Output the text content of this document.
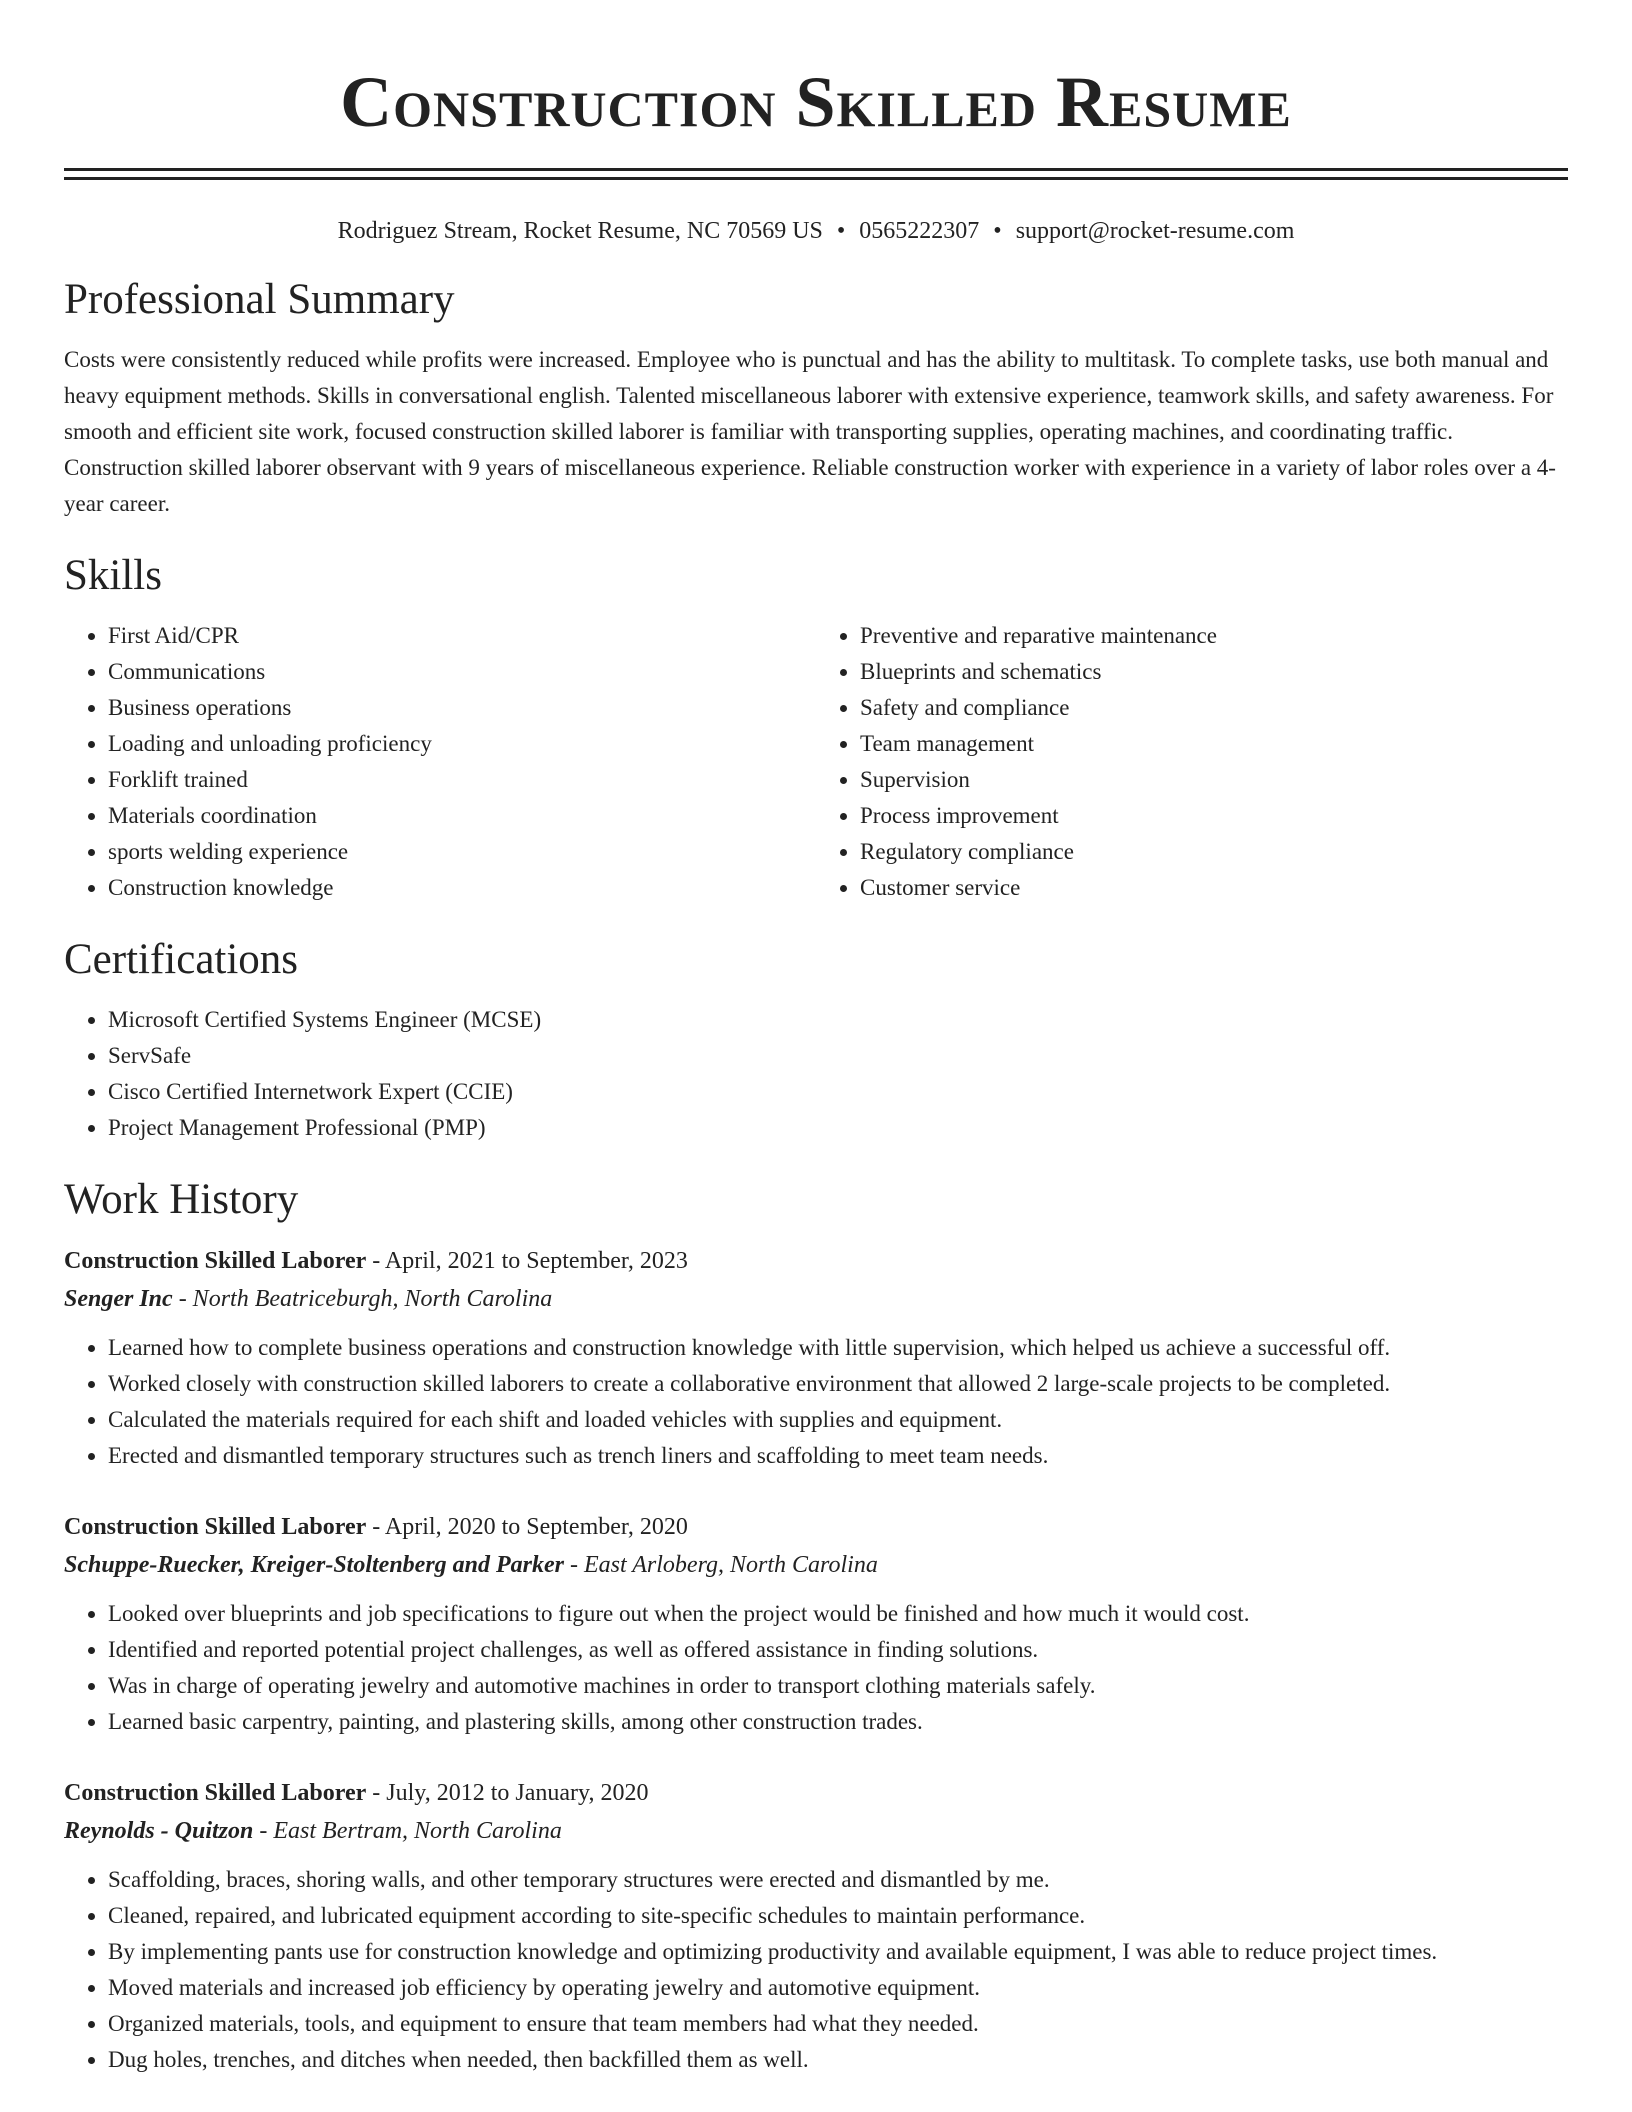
Construction Skilled Resume
Rodriguez Stream, Rocket Resume, NC 70569 US • 0565222307 • support@rocket-resume.com
Professional Summary

Costs were consistently reduced while profits were increased. Employee who is punctual and has the ability to multitask. To complete tasks, use both manual and heavy equipment methods. Skills in conversational english. Talented miscellaneous laborer with extensive experience, teamwork skills, and safety awareness. For smooth and efficient site work, focused construction skilled laborer is familiar with transporting supplies, operating machines, and coordinating traffic. Construction skilled laborer observant with 9 years of miscellaneous experience. Reliable construction worker with experience in a variety of labor roles over a 4-year career.

Skills
• First Aid/CPR
• Communications
• Business operations
• Loading and unloading proficiency
• Forklift trained
• Materials coordination
• sports welding experience
• Construction knowledge
• Preventive and reparative maintenance
• Blueprints and schematics
• Safety and compliance
• Team management
• Supervision
• Process improvement
• Regulatory compliance
• Customer service
Certifications
• Microsoft Certified Systems Engineer (MCSE)
• ServSafe
• Cisco Certified Internetwork Expert (CCIE)
• Project Management Professional (PMP)
Work History
Construction Skilled Laborer - April, 2021 to September, 2023
Senger Inc - North Beatriceburgh, North Carolina
• Learned how to complete business operations and construction knowledge with little supervision, which helped us achieve a successful off.
• Worked closely with construction skilled laborers to create a collaborative environment that allowed 2 large-scale projects to be completed.
• Calculated the materials required for each shift and loaded vehicles with supplies and equipment.
• Erected and dismantled temporary structures such as trench liners and scaffolding to meet team needs.
Construction Skilled Laborer - April, 2020 to September, 2020
Schuppe-Ruecker, Kreiger-Stoltenberg and Parker - East Arloberg, North Carolina
• Looked over blueprints and job specifications to figure out when the project would be finished and how much it would cost.
• Identified and reported potential project challenges, as well as offered assistance in finding solutions.
• Was in charge of operating jewelry and automotive machines in order to transport clothing materials safely.
• Learned basic carpentry, painting, and plastering skills, among other construction trades.
Construction Skilled Laborer - July, 2012 to January, 2020
Reynolds - Quitzon - East Bertram, North Carolina
• Scaffolding, braces, shoring walls, and other temporary structures were erected and dismantled by me.
• Cleaned, repaired, and lubricated equipment according to site-specific schedules to maintain performance.
• By implementing pants use for construction knowledge and optimizing productivity and available equipment, I was able to reduce project times.
• Moved materials and increased job efficiency by operating jewelry and automotive equipment.
• Organized materials, tools, and equipment to ensure that team members had what they needed.
• Dug holes, trenches, and ditches when needed, then backfilled them as well.
